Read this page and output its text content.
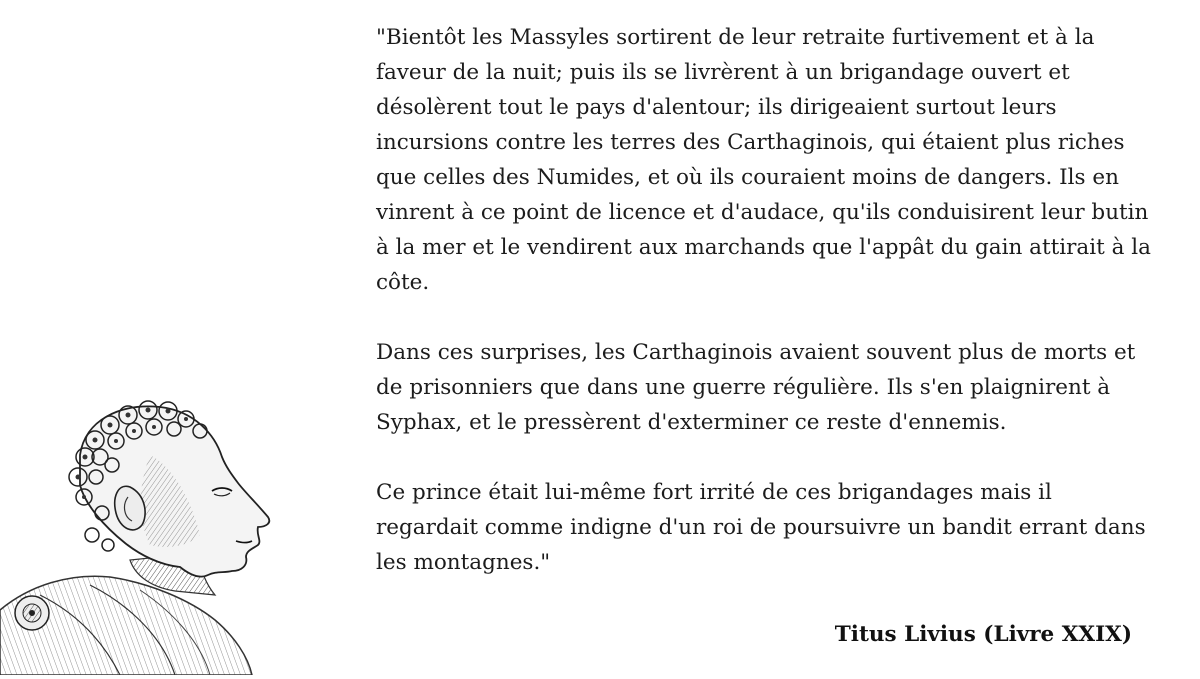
"Bientôt les Massyles sortirent de leur retraite furtivement et à la faveur de la nuit; puis ils se livrèrent à un brigandage ouvert et désolèrent tout le pays d'alentour; ils dirigeaient surtout leurs incursions contre les terres des Carthaginois, qui étaient plus riches que celles des Numides, et où ils couraient moins de dangers. Ils en vinrent à ce point de licence et d'audace, qu'ils conduisirent leur butin à la mer et le vendirent aux marchands que l'appât du gain attirait à la côte.

Dans ces surprises, les Carthaginois avaient souvent plus de morts et de prisonniers que dans une guerre régulière. Ils s'en plaignirent à Syphax, et le pressèrent d'exterminer ce reste d'ennemis.

Ce prince était lui-même fort irrité de ces brigandages mais il regardait comme indigne d'un roi de poursuivre un bandit errant dans les montagnes."

Titus Livius (Livre XXIX)
